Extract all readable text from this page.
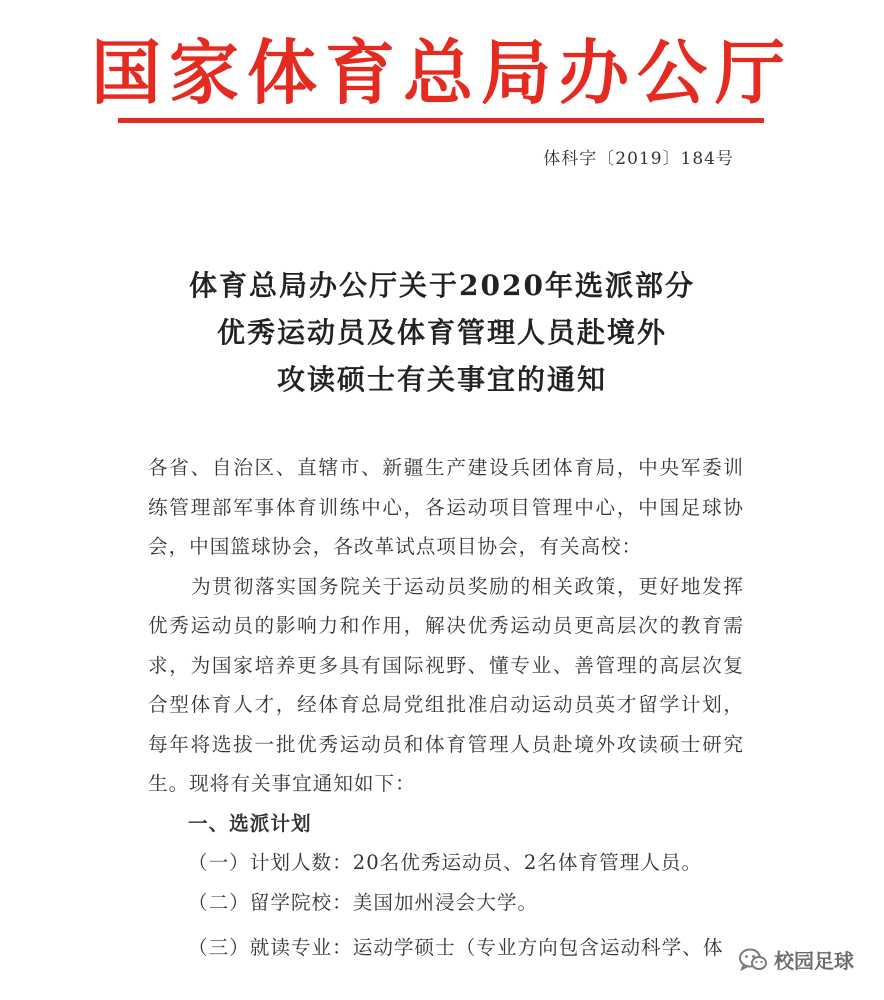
国家体育总局办公厅
体科字〔2019〕184号
体育总局办公厅关于2020年选派部分
优秀运动员及体育管理人员赴境外
攻读硕士有关事宜的通知

各省、自治区、直辖市、新疆生产建设兵团体育局，中央军委训练管理部军事体育训练中心，各运动项目管理中心，中国足球协会，中国篮球协会，各改革试点项目协会，有关高校：

为贯彻落实国务院关于运动员奖励的相关政策，更好地发挥优秀运动员的影响力和作用，解决优秀运动员更高层次的教育需求，为国家培养更多具有国际视野、懂专业、善管理的高层次复合型体育人才，经体育总局党组批准启动运动员英才留学计划，每年将选拔一批优秀运动员和体育管理人员赴境外攻读硕士研究生。现将有关事宜通知如下：

一、选派计划

（一）计划人数：20名优秀运动员、2名体育管理人员。

（二）留学院校：美国加州浸会大学。

（三）就读专业：运动学硕士（专业方向包含运动科学、体
校园足球
